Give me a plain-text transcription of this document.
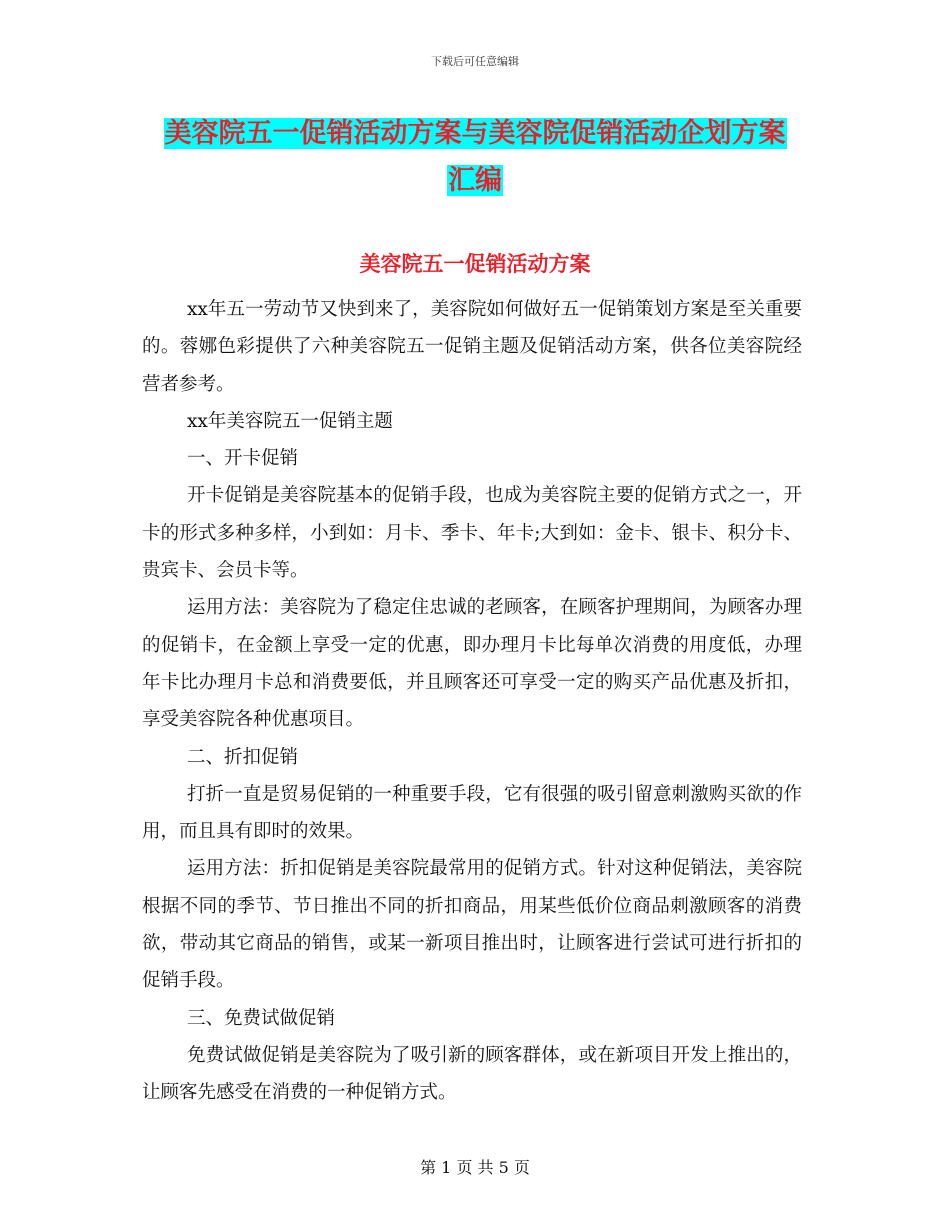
下载后可任意编辑
美容院五一促销活动方案与美容院促销活动企划方案
汇编
美容院五一促销活动方案

xx年五一劳动节又快到来了，美容院如何做好五一促销策划方案是至关重要的。蓉娜色彩提供了六种美容院五一促销主题及促销活动方案，供各位美容院经营者参考。

xx年美容院五一促销主题

一、开卡促销

开卡促销是美容院基本的促销手段，也成为美容院主要的促销方式之一，开卡的形式多种多样，小到如：月卡、季卡、年卡;大到如：金卡、银卡、积分卡、贵宾卡、会员卡等。

运用方法：美容院为了稳定住忠诚的老顾客，在顾客护理期间，为顾客办理的促销卡，在金额上享受一定的优惠，即办理月卡比每单次消费的用度低，办理年卡比办理月卡总和消费要低，并且顾客还可享受一定的购买产品优惠及折扣，享受美容院各种优惠项目。

二、折扣促销

打折一直是贸易促销的一种重要手段，它有很强的吸引留意刺激购买欲的作用，而且具有即时的效果。

运用方法：折扣促销是美容院最常用的促销方式。针对这种促销法，美容院根据不同的季节、节日推出不同的折扣商品，用某些低价位商品刺激顾客的消费欲，带动其它商品的销售，或某一新项目推出时，让顾客进行尝试可进行折扣的促销手段。

三、免费试做促销

免费试做促销是美容院为了吸引新的顾客群体，或在新项目开发上推出的，让顾客先感受在消费的一种促销方式。

第 1 页 共 5 页
